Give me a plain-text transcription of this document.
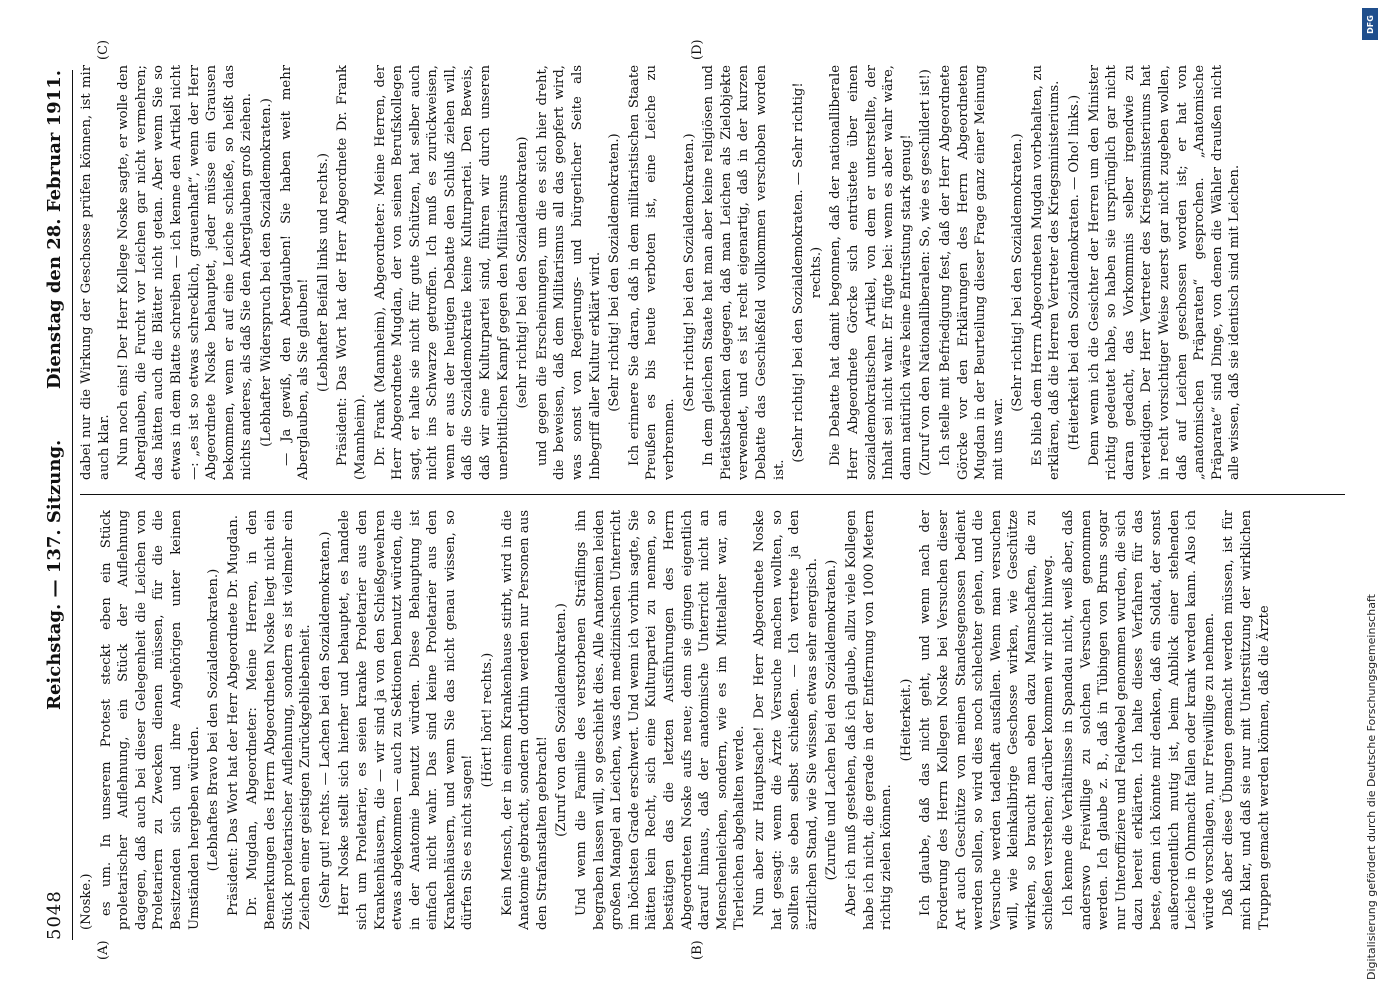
5048
Reichstag. — 137. Sitzung.
Dienstag den 28. Februar 1911.
(A)	(B)
(C)	(D)

(Noske.) es um. In unserem Protest steckt eben ein Stück proletarischer Auflehnung, ein Stück der Auflehnung dagegen, daß auch bei dieser Gelegenheit die Leichen von Proletariern zu Zwecken dienen müssen, für die die Besitzenden sich und ihre Angehörigen unter keinen Umständen hergeben würden. (Lebhaftes Bravo bei den Sozialdemokraten.) Präsident: Das Wort hat der Herr Abgeordnete Dr. Mugdan. Dr. Mugdan, Abgeordneter: Meine Herren, in den Bemerkungen des Herrn Abgeordneten Noske liegt nicht ein Stück proletarischer Auflehnung, sondern es ist vielmehr ein Zeichen einer geistigen Zurückgebliebenheit. (Sehr gut! rechts. — Lachen bei den Sozialdemokraten.) Herr Noske stellt sich hierher und behauptet, es handele sich um Proletarier, es seien kranke Proletarier aus den Krankenhäusern, die — wir sind ja von den Schießgewehren etwas abgekommen — auch zu Sektionen benutzt würden, die in der Anatomie benutzt würden. Diese Behauptung ist einfach nicht wahr. Das sind keine Proletarier aus den Krankenhäusern, und wenn Sie das nicht genau wissen, so dürfen Sie es nicht sagen!

(Hört! hört! rechts.) Kein Mensch, der in einem Krankenhause stirbt, wird in die Anatomie gebracht, sondern dorthin werden nur Personen aus den Strafanstalten gebracht! (Zuruf von den Sozialdemokraten.) Und wenn die Familie des verstorbenen Sträflings ihn begraben lassen will, so geschieht dies. Alle Anatomien leiden großen Mangel an Leichen, was den medizinischen Unterricht im höchsten Grade erschwert. Und wenn ich vorhin sagte, Sie hätten kein Recht, sich eine Kulturpartei zu nennen, so bestätigen das die letzten Ausführungen des Herrn Abgeordneten Noske aufs neue; denn sie gingen eigentlich darauf hinaus, daß der anatomische Unterricht nicht an Menschenleichen, sondern, wie es im Mittelalter war, an Tierleichen abgehalten werde. Nun aber zur Hauptsache! Der Herr Abgeordnete Noske hat gesagt: wenn die Ärzte Versuche machen wollten, so sollten sie eben selbst schießen. — Ich vertrete ja den ärztlichen Stand, wie Sie wissen, etwas sehr energisch. (Zurufe und Lachen bei den Sozialdemokraten.) Aber ich muß gestehen, daß ich glaube, allzu viele Kollegen habe ich nicht, die gerade in der Entfernung von 1000 Metern richtig zielen können.

(Heiterkeit.) Ich glaube, daß das nicht geht, und wenn nach der Forderung des Herrn Kollegen Noske bei Versuchen dieser Art auch Geschütze von meinen Standesgenossen bedient werden sollen, so wird dies noch schlechter gehen, und die Versuche werden tadelhaft ausfallen. Wenn man versuchen will, wie kleinkalibrige Geschosse wirken, wie Geschütze wirken, so braucht man eben dazu Mannschaften, die zu schießen verstehen; darüber kommen wir nicht hinweg. Ich kenne die Verhältnisse in Spandau nicht, weiß aber, daß anderswo Freiwillige zu solchen Versuchen genommen werden. Ich glaube z. B., daß in Tübingen von Bruns sogar nur Unteroffiziere und Feldwebel genommen wurden, die sich dazu bereit erklärten. Ich halte dieses Verfahren für das beste, denn ich könnte mir denken, daß ein Soldat, der sonst außerordentlich mutig ist, beim Anblick einer stehenden Leiche in Ohnmacht fallen oder krank werden kann. Also ich würde vorschlagen, nur Freiwillige zu nehmen. Daß aber diese Übungen gemacht werden müssen, ist für mich klar, und daß sie nur mit Unterstützung der wirklichen Truppen gemacht werden können, daß die Ärzte

dabei nur die Wirkung der Geschosse prüfen können, ist mir auch klar. Nun noch eins! Der Herr Kollege Noske sagte, er wolle den Aberglauben, die Furcht vor Leichen gar nicht vermehren; das hätten auch die Blätter nicht getan. Aber wenn Sie so etwas in dem Blatte schreiben — ich kenne den Artikel nicht —: „es ist so etwas schrecklich, grauenhaft“, wenn der Herr Abgeordnete Noske behauptet, jeder müsse ein Grausen bekommen, wenn er auf eine Leiche schieße, so heißt das nichts anderes, als daß Sie den Aberglauben groß ziehen. (Lebhafter Widerspruch bei den Sozialdemokraten.) — Ja gewiß, den Aberglauben! Sie haben weit mehr Aberglauben, als Sie glauben! (Lebhafter Beifall links und rechts.) Präsident: Das Wort hat der Herr Abgeordnete Dr. Frank (Mannheim). Dr. Frank (Mannheim), Abgeordneter: Meine Herren, der Herr Abgeordnete Mugdan, der von seinen Berufskollegen sagt, er halte sie nicht für gute Schützen, hat selber auch nicht ins Schwarze getroffen. Ich muß es zurückweisen, wenn er aus der heutigen Debatte den Schluß ziehen will, daß die Sozialdemokratie keine Kulturpartei. Den Beweis, daß wir eine Kulturpartei sind, führen wir durch unseren unerbittlichen Kampf gegen den Militarismus (sehr richtig! bei den Sozialdemokraten) und gegen die Erscheinungen, um die es sich hier dreht, die beweisen, daß dem Militarismus all das geopfert wird, was sonst von Regierungs- und bürgerlicher Seite als Inbegriff aller Kultur erklärt wird. (Sehr richtig! bei den Sozialdemokraten.) Ich erinnere Sie daran, daß in dem militaristischen Staate Preußen es bis heute verboten ist, eine Leiche zu verbrennen.

(Sehr richtig! bei den Sozialdemokraten.) In dem gleichen Staate hat man aber keine religiösen und Pietätsbedenken dagegen, daß man Leichen als Zielobjekte verwendet, und es ist recht eigenartig, daß in der kurzen Debatte das Geschießfeld vollkommen verschoben worden ist.

(Sehr richtig! bei den Sozialdemokraten. — Sehr richtig! rechts.) Die Debatte hat damit begonnen, daß der nationalliberale Herr Abgeordnete Görcke sich entrüstete über einen sozialdemokratischen Artikel, von dem er unterstellte, der Inhalt sei nicht wahr. Er fügte bei: wenn es aber wahr wäre, dann natürlich wäre keine Entrüstung stark genug! (Zuruf von den Nationalliberalen: So, wie es geschildert ist!) Ich stelle mit Befriedigung fest, daß der Herr Abgeordnete Görcke vor den Erklärungen des Herrn Abgeordneten Mugdan in der Beurteilung dieser Frage ganz einer Meinung mit uns war.

(Sehr richtig! bei den Sozialdemokraten.) Es blieb dem Herrn Abgeordneten Mugdan vorbehalten, zu erklären, daß die Herren Vertreter des Kriegsministeriums. (Heiterkeit bei den Sozialdemokraten. — Oho! links.) Denn wenn ich die Gesichter der Herren um den Minister richtig gedeutet habe, so haben sie ursprünglich gar nicht daran gedacht, das Vorkommnis selber irgendwie zu verteidigen. Der Herr Vertreter des Kriegsministeriums hat in recht vorsichtiger Weise zuerst gar nicht zugeben wollen, daß auf Leichen geschossen worden ist; er hat von „anatomischen Präparaten“ gesprochen. „Anatomische Präparate“ sind Dinge, von denen die Wähler draußen nicht alle wissen, daß sie identisch sind mit Leichen.

DFG
Digitalisierung gefördert durch die Deutsche Forschungsgemeinschaft
